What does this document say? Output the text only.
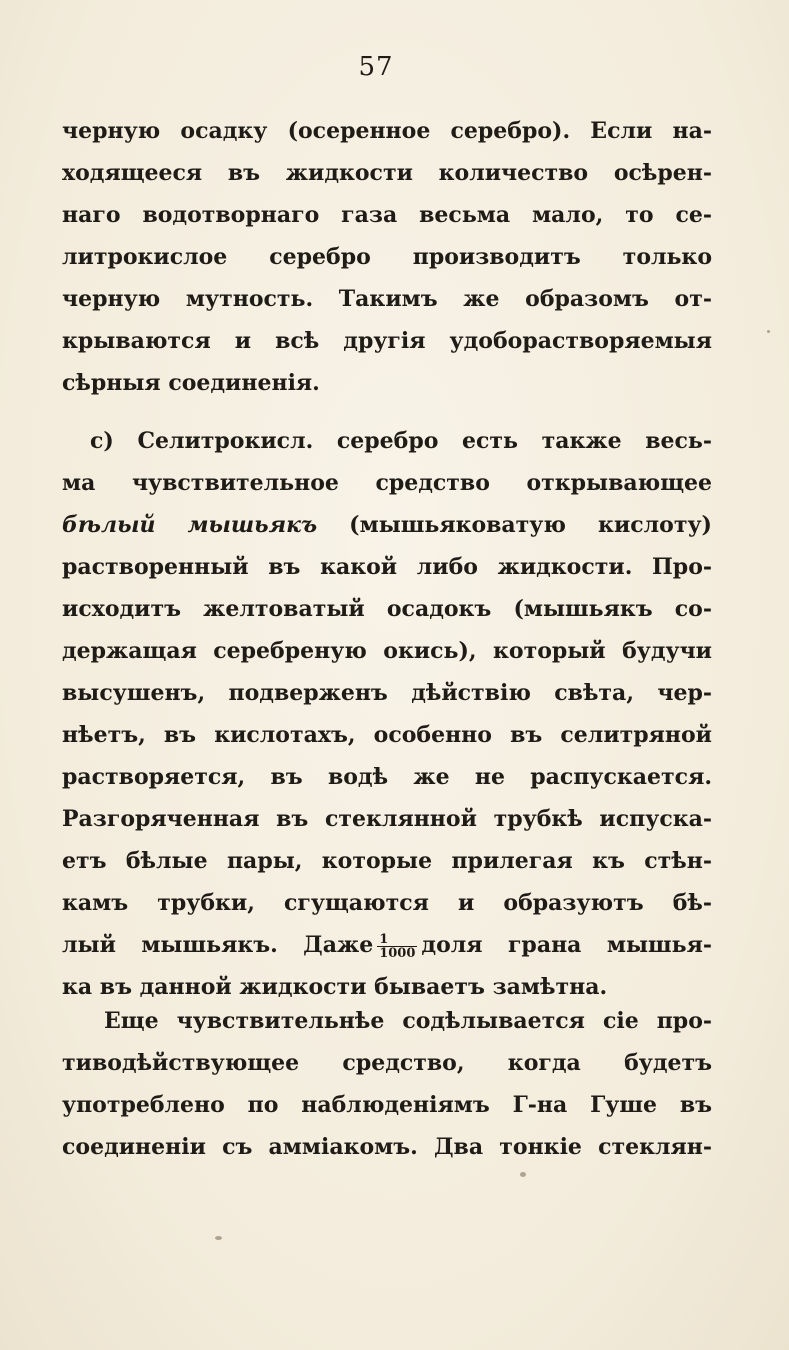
57
черную осадку (осеренное серебро). Если на-
ходящееся въ жидкости количество осѣрен-
наго водотворнаго газа весьма мало, то се-
литрокислое серебро производитъ только
черную мутность. Такимъ же образомъ от-
крываются и всѣ другія удобоpастворяемыя
сѣрныя соединенія.
c) Селитрокисл. серебро есть также весь-
ма чувствительное средство открывающее
бѣлый мышьякъ (мышьяковатую кислоту)
растворенный въ какой либо жидкости. Про-
исходитъ желтоватый осадокъ (мышьякъ со-
держащая серебреную окись), который будучи
высушенъ, подверженъ дѣйствію свѣта, чер-
нѣетъ, въ кислотахъ, особенно въ селитряной
растворяется, въ водѣ же не распускается.
Разгоряченная въ стеклянной трубкѣ испуска-
етъ бѣлые пары, которые прилегая къ стѣн-
камъ трубки, сгущаются и образуютъ бѣ-
лый мышьякъ. Даже $\frac{1}{1000}$ доля грана мышья-
ка въ данной жидкости бываетъ замѣтна.
Еще чувствительнѣе содѣлывается сіе про-
тиводѣйствующее средство, когда будетъ
употреблено по наблюденіямъ Г-на Гуше въ
соединеніи съ амміакомъ. Два тонкіе стеклян-
